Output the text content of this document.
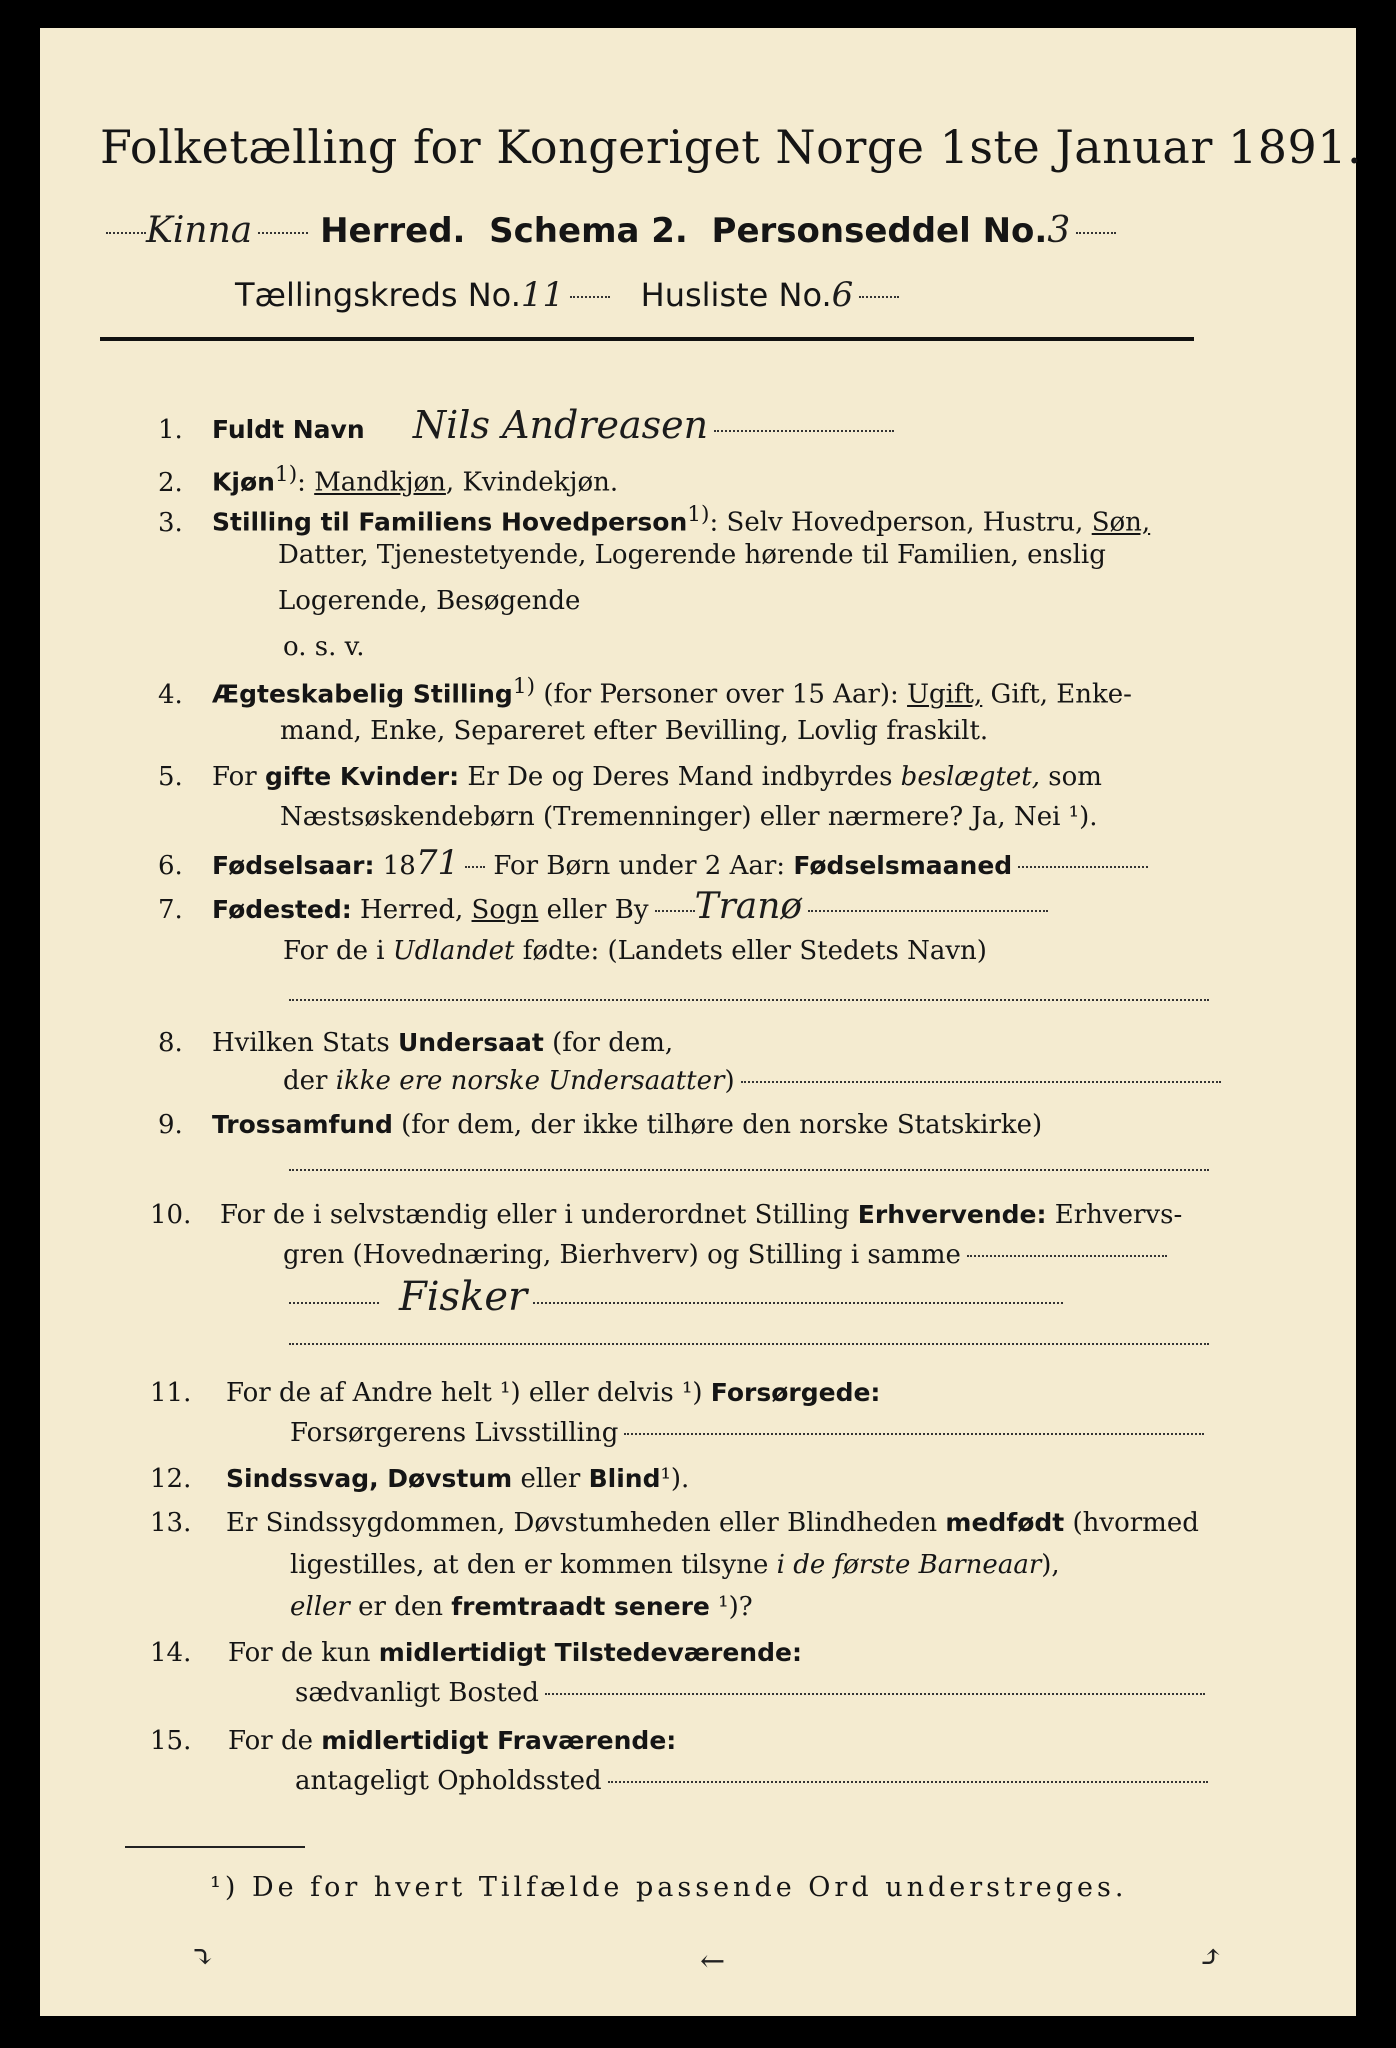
Folketælling for Kongeriget Norge 1ste Januar 1891.
Kinna Herred. Schema 2. Personseddel No.3
Tællingskreds No.11 Husliste No.6
1. Fuldt Navn Nils Andreasen
2. Kjøn$^{1)}$: Mandkjøn, Kvindekjøn.
3. Stilling til Familiens Hovedperson$^{1)}$: Selv Hovedperson, Hustru, Søn,
Datter, Tjenestetyende, Logerende hørende til Familien, enslig
Logerende, Besøgende
o. s. v.
4. Ægteskabelig Stilling$^{1)}$ (for Personer over 15 Aar): Ugift, Gift, Enke-
mand, Enke, Separeret efter Bevilling, Lovlig fraskilt.
5. For gifte Kvinder: Er De og Deres Mand indbyrdes beslægtet, som
Næstsøskendebørn (Tremenninger) eller nærmere? Ja, Nei ¹).
6. Fødselsaar: 1871 For Børn under 2 Aar: Fødselsmaaned
7. Fødested: Herred, Sogn eller By Tranø
For de i Udlandet fødte: (Landets eller Stedets Navn)
8. Hvilken Stats Undersaat (for dem,
der ikke ere norske Undersaatter)
9. Trossamfund (for dem, der ikke tilhøre den norske Statskirke)
10. For de i selvstændig eller i underordnet Stilling Erhvervende: Erhvervs-
gren (Hovednæring, Bierhverv) og Stilling i samme
Fisker
11. For de af Andre helt ¹) eller delvis ¹) Forsørgede:
Forsørgerens Livsstilling
12. Sindssvag, Døvstum eller Blind¹).
13. Er Sindssygdommen, Døvstumheden eller Blindheden medfødt (hvormed
ligestilles, at den er kommen tilsyne i de første Barneaar),
eller er den fremtraadt senere ¹)?
14. For de kun midlertidigt Tilstedeværende:
sædvanligt Bosted
15. For de midlertidigt Fraværende:
antageligt Opholdssted
¹) De for hvert Tilfælde passende Ord understreges.
⤵	←	⤴
